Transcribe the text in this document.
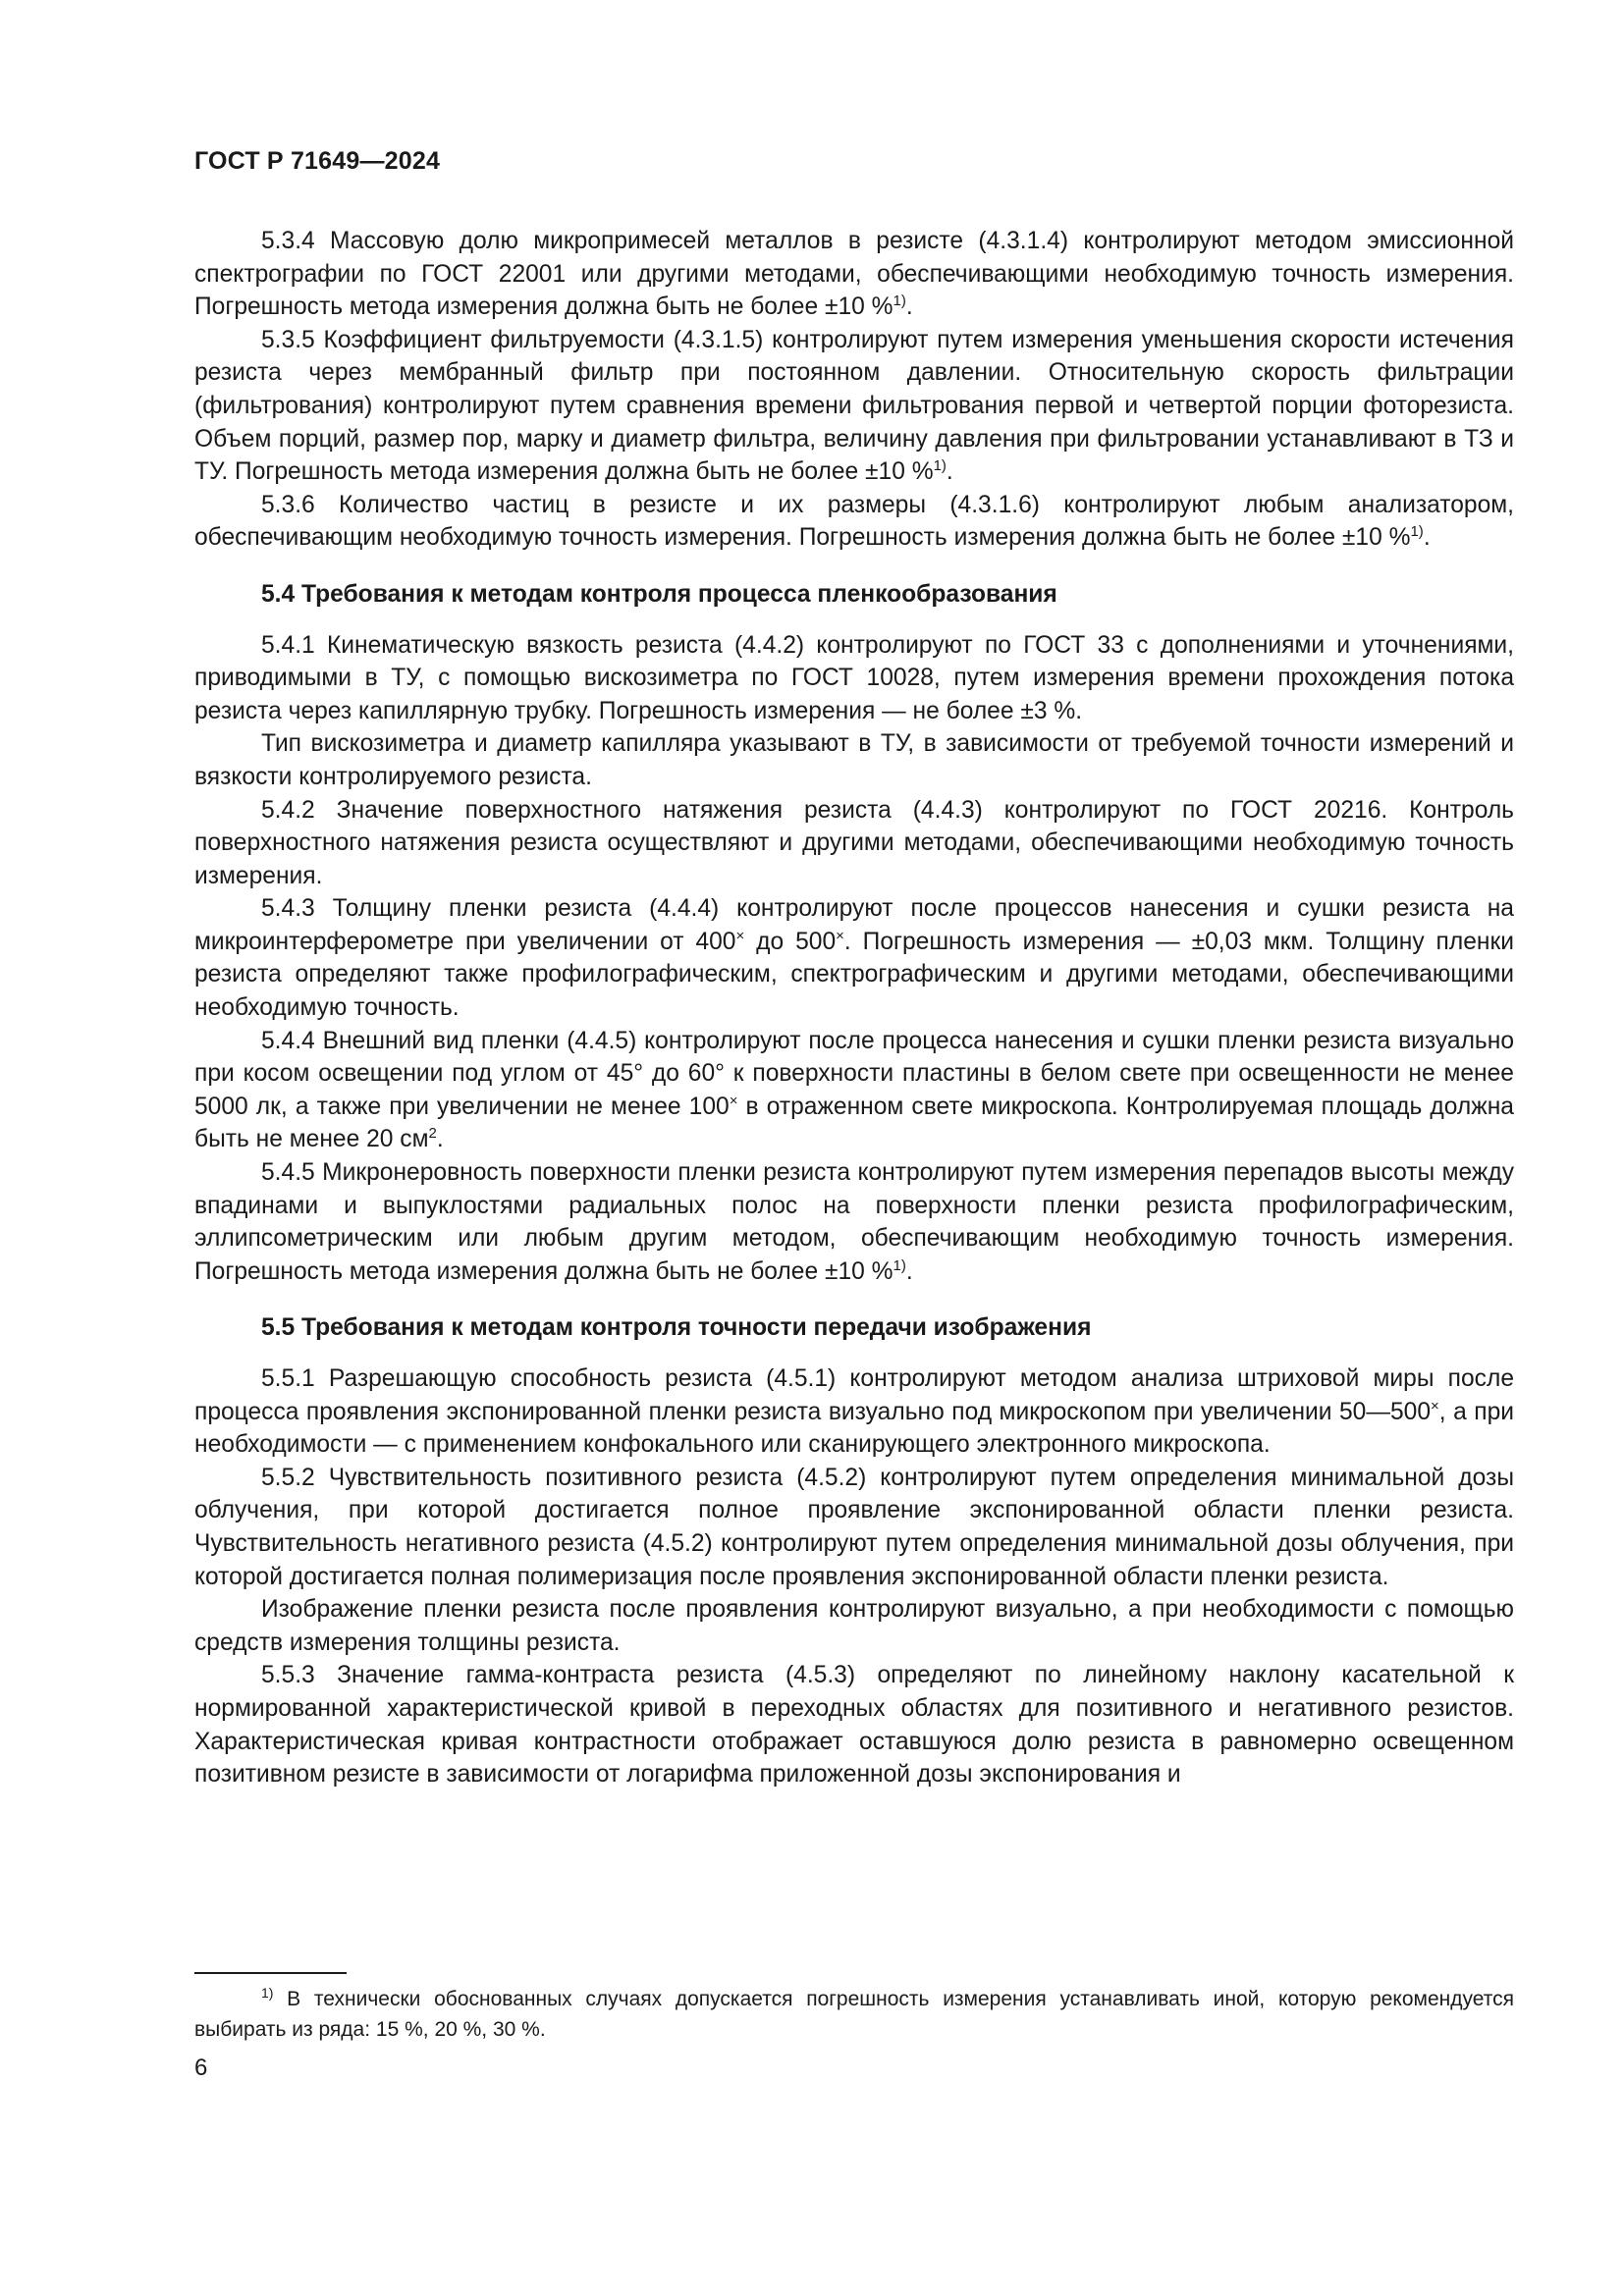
ГОСТ Р 71649—2024

5.3.4 Массовую долю микропримесей металлов в резисте (4.3.1.4) контролируют методом эмиссионной спектрографии по ГОСТ 22001 или другими методами, обеспечивающими необходимую точность измерения. Погрешность метода измерения должна быть не более ±10 %$^{1)}$.

5.3.5 Коэффициент фильтруемости (4.3.1.5) контролируют путем измерения уменьшения скорости истечения резиста через мембранный фильтр при постоянном давлении. Относительную скорость фильтрации (фильтрования) контролируют путем сравнения времени фильтрования первой и четвертой порции фоторезиста. Объем порций, размер пор, марку и диаметр фильтра, величину давления при фильтровании устанавливают в ТЗ и ТУ. Погрешность метода измерения должна быть не более ±10 %$^{1)}$.

5.3.6 Количество частиц в резисте и их размеры (4.3.1.6) контролируют любым анализатором, обеспечивающим необходимую точность измерения. Погрешность измерения должна быть не более ±10 %$^{1)}$.

5.4 Требования к методам контроля процесса пленкообразования

5.4.1 Кинематическую вязкость резиста (4.4.2) контролируют по ГОСТ 33 с дополнениями и уточнениями, приводимыми в ТУ, с помощью вискозиметра по ГОСТ 10028, путем измерения времени прохождения потока резиста через капиллярную трубку. Погрешность измерения — не более ±3 %.

Тип вискозиметра и диаметр капилляра указывают в ТУ, в зависимости от требуемой точности измерений и вязкости контролируемого резиста.

5.4.2 Значение поверхностного натяжения резиста (4.4.3) контролируют по ГОСТ 20216. Контроль поверхностного натяжения резиста осуществляют и другими методами, обеспечивающими необходимую точность измерения.

5.4.3 Толщину пленки резиста (4.4.4) контролируют после процессов нанесения и сушки резиста на микроинтерферометре при увеличении от 400× до 500×. Погрешность измерения — ±0,03 мкм. Толщину пленки резиста определяют также профилографическим, спектрографическим и другими методами, обеспечивающими необходимую точность.

5.4.4 Внешний вид пленки (4.4.5) контролируют после процесса нанесения и сушки пленки резиста визуально при косом освещении под углом от 45° до 60° к поверхности пластины в белом свете при освещенности не менее 5000 лк, а также при увеличении не менее 100× в отраженном свете микроскопа. Контролируемая площадь должна быть не менее 20 $см^2$.

5.4.5 Микронеровность поверхности пленки резиста контролируют путем измерения перепадов высоты между впадинами и выпуклостями радиальных полос на поверхности пленки резиста профилографическим, эллипсометрическим или любым другим методом, обеспечивающим необходимую точность измерения. Погрешность метода измерения должна быть не более ±10 %$^{1)}$.

5.5 Требования к методам контроля точности передачи изображения

5.5.1 Разрешающую способность резиста (4.5.1) контролируют методом анализа штриховой миры после процесса проявления экспонированной пленки резиста визуально под микроскопом при увеличении 50—500×, а при необходимости — с применением конфокального или сканирующего электронного микроскопа.

5.5.2 Чувствительность позитивного резиста (4.5.2) контролируют путем определения минимальной дозы облучения, при которой достигается полное проявление экспонированной области пленки резиста. Чувствительность негативного резиста (4.5.2) контролируют путем определения минимальной дозы облучения, при которой достигается полная полимеризация после проявления экспонированной области пленки резиста.

Изображение пленки резиста после проявления контролируют визуально, а при необходимости с помощью средств измерения толщины резиста.

5.5.3 Значение гамма-контраста резиста (4.5.3) определяют по линейному наклону касательной к нормированной характеристической кривой в переходных областях для позитивного и негативного резистов. Характеристическая кривая контрастности отображает оставшуюся долю резиста в равномерно освещенном позитивном резисте в зависимости от логарифма приложенной дозы экспонирования и

$^{1)}$ В технически обоснованных случаях допускается погрешность измерения устанавливать иной, которую рекомендуется выбирать из ряда: 15 %, 20 %, 30 %.

6
